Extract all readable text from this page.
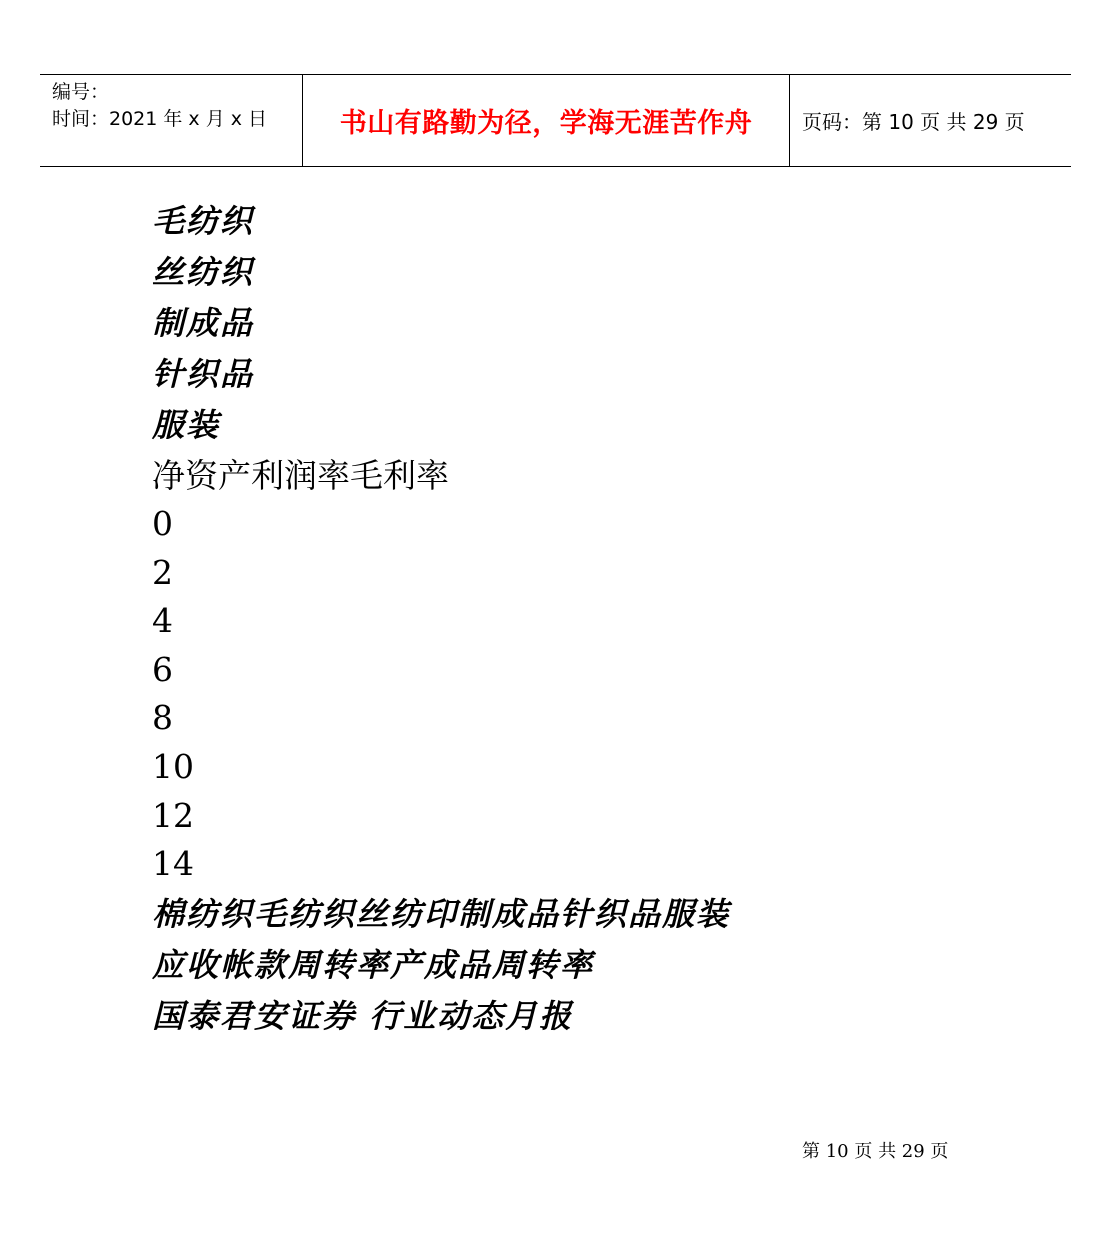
编号：
时间：2021 年 x 月 x 日	书山有路勤为径，学海无涯苦作舟 页码：第 10 页 共 29 页
毛纺织
丝纺织
制成品
针织品
服装
净资产利润率毛利率
0
2
4
6
8
10
12
14
棉纺织毛纺织丝纺印制成品针织品服装
应收帐款周转率产成品周转率
国泰君安证券 行业动态月报
第 10 页 共 29 页
